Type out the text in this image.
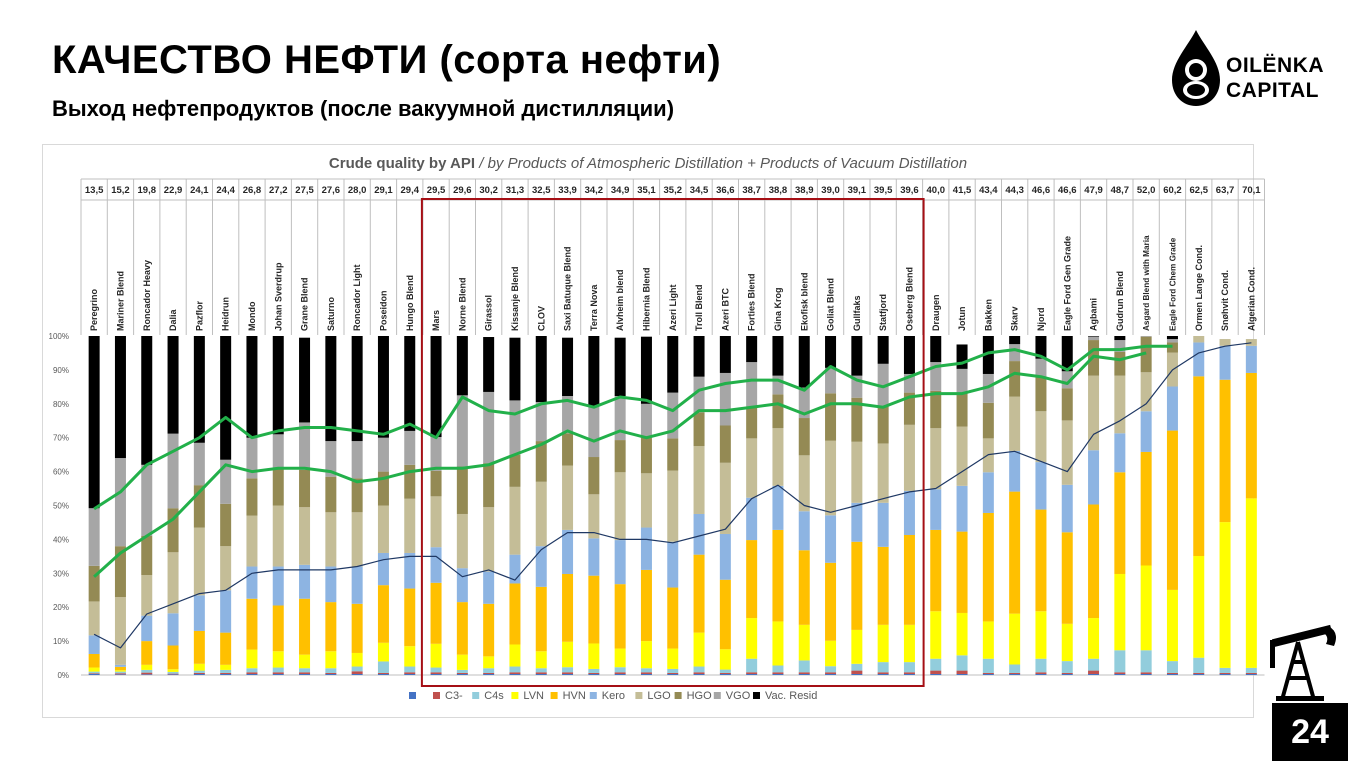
КАЧЕСТВО НЕФТИ (сорта нефти)
Выход нефтепродуктов (после вакуумной дистилляции)
OILЁNKA
CAPITAL
Crude quality by API / by Products of Atmospheric Distillation + Products of Vacuum Distillation
13,5 15,2 19,8 22,9 24,1 24,4 26,8 27,2 27,5 27,6 28,0 29,1 29,4 29,5 29,6 30,2 31,3 32,5 33,9 34,2 34,9 35,1 35,2 34,5 36,6 38,7 38,8 38,9 39,0 39,1 39,5 39,6 40,0 41,5 43,4 44,3 46,6 46,6 47,9 48,7 52,0 60,2 62,5 63,7 70,1
Peregrino Mariner Blend Roncador Heavy Dalia Pazflor Heidrun Mondo Johan Sverdrup Grane Blend Saturno Roncador Light Poseidon Hungo Blend Mars Norne Blend Girassol Kissanje Blend CLOV Saxi Batuque Blend Terra Nova Alvheim blend Hibernia Blend Azeri Light Troll Blend Azeri BTC Forties Blend Gina Krog Ekofisk blend Goliat Blend Gullfaks Statfjord Oseberg Blend Draugen Jotun Bakken Skarv Njord Eagle Ford Gen Grade Agbami Gudrun Blend Asgard Blend with Maria Eagle Ford Chem Grade Ormen Lange Cond. Snøhvit Cond. Algerian Cond.
0%
10%
20%
30%
40%
50%
60%
70%
80%
90%
100%
C3- C4s LVN HVN Kero LGO HGO VGO Vac. Resid
24
